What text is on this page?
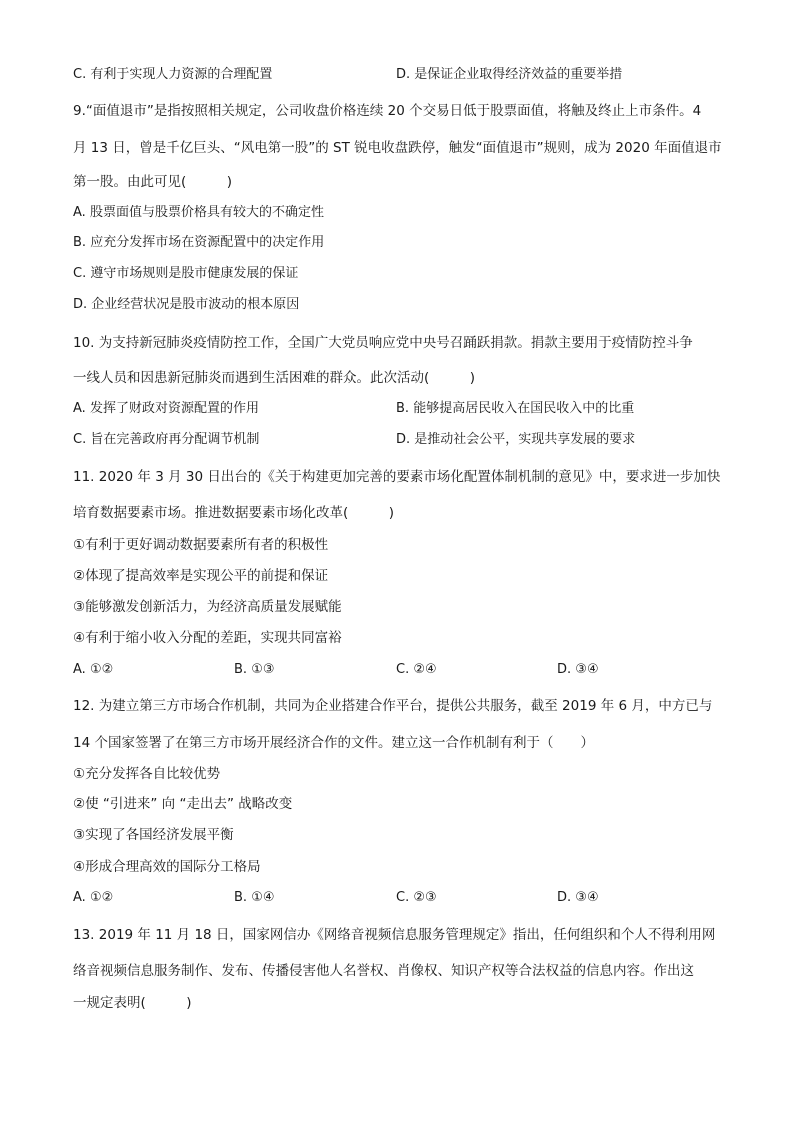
C. 有利于实现人力资源的合理配置	D. 是保证企业取得经济效益的重要举措
9.“面值退市”是指按照相关规定，公司收盘价格连续 20 个交易日低于股票面值，将触及终止上市条件。4
月 13 日，曾是千亿巨头、“风电第一股”的 ST 锐电收盘跌停，触发“面值退市”规则，成为 2020 年面值退市
第一股。由此可见(　　　)
A. 股票面值与股票价格具有较大的不确定性
B. 应充分发挥市场在资源配置中的决定作用
C. 遵守市场规则是股市健康发展的保证
D. 企业经营状况是股市波动的根本原因
10. 为支持新冠肺炎疫情防控工作，全国广大党员响应党中央号召踊跃捐款。捐款主要用于疫情防控斗争
一线人员和因患新冠肺炎而遇到生活困难的群众。此次活动(　　　)
A. 发挥了财政对资源配置的作用	B. 能够提高居民收入在国民收入中的比重
C. 旨在完善政府再分配调节机制	D. 是推动社会公平，实现共享发展的要求
11. 2020 年 3 月 30 日出台的《关于构建更加完善的要素市场化配置体制机制的意见》中，要求进一步加快
培育数据要素市场。推进数据要素市场化改革(　　　)
①有利于更好调动数据要素所有者的积极性
②体现了提高效率是实现公平的前提和保证
③能够激发创新活力，为经济高质量发展赋能
④有利于缩小收入分配的差距，实现共同富裕
A. ①②	B. ①③	C. ②④	D. ③④
12. 为建立第三方市场合作机制，共同为企业搭建合作平台，提供公共服务，截至 2019 年 6 月，中方已与
14 个国家签署了在第三方市场开展经济合作的文件。建立这一合作机制有利于（　　）
①充分发挥各自比较优势
②使 “引进来” 向 “走出去” 战略改变
③实现了各国经济发展平衡
④形成合理高效的国际分工格局
A. ①②	B. ①④	C. ②③	D. ③④
13. 2019 年 11 月 18 日，国家网信办《网络音视频信息服务管理规定》指出，任何组织和个人不得利用网
络音视频信息服务制作、发布、传播侵害他人名誉权、肖像权、知识产权等合法权益的信息内容。作出这
一规定表明(　　　)
